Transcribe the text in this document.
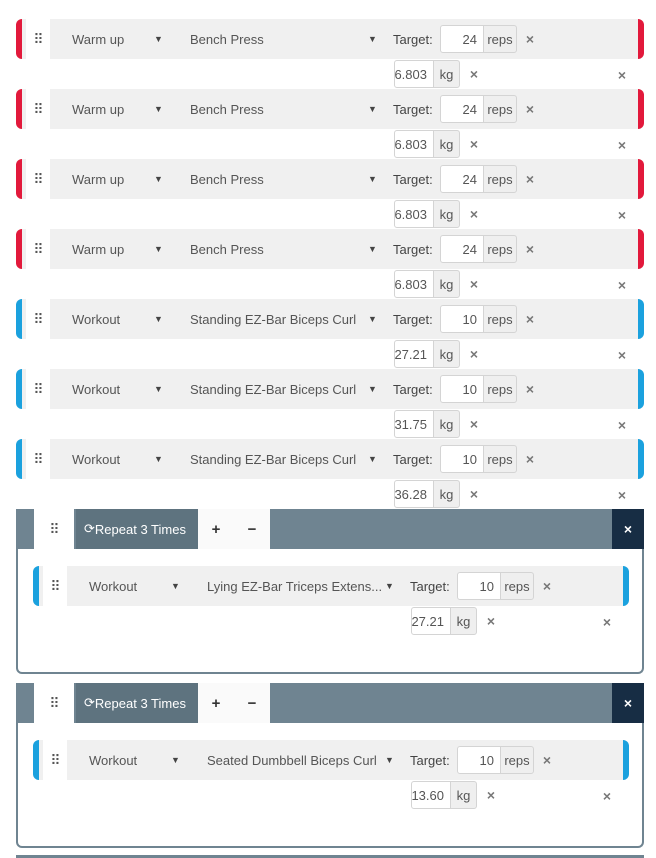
⠿	Warm up	▼ Bench Press	▼ Target:	24 reps ×
6.803 kg	×	×
⠿	Warm up	▼ Bench Press	▼ Target:	24 reps ×
6.803 kg	×	×
⠿	Warm up	▼ Bench Press	▼ Target:	24 reps ×
6.803 kg	×	×
⠿	Warm up	▼ Bench Press	▼ Target:	24 reps ×
6.803 kg	×	×
⠿	Workout	▼ Standing EZ-Bar Biceps Curl ▼ Target:	10 reps ×
27.21 kg	×	×
⠿	Workout	▼ Standing EZ-Bar Biceps Curl ▼ Target:	10 reps ×
31.75 kg	×	×
⠿	Workout	▼ Standing EZ-Bar Biceps Curl ▼ Target:	10 reps ×
36.28 kg	×	×
⠿	⟳ Repeat 3 Times	+	−	×
⠿	Workout	▼ Lying EZ-Bar Triceps Extens... ▼ Target:	10 reps ×
27.21 kg	×	×
⠿	⟳ Repeat 3 Times	+	−	×
⠿	Workout	▼ Seated Dumbbell Biceps Curl ▼ Target:	10 reps ×
13.60 kg	×	×
